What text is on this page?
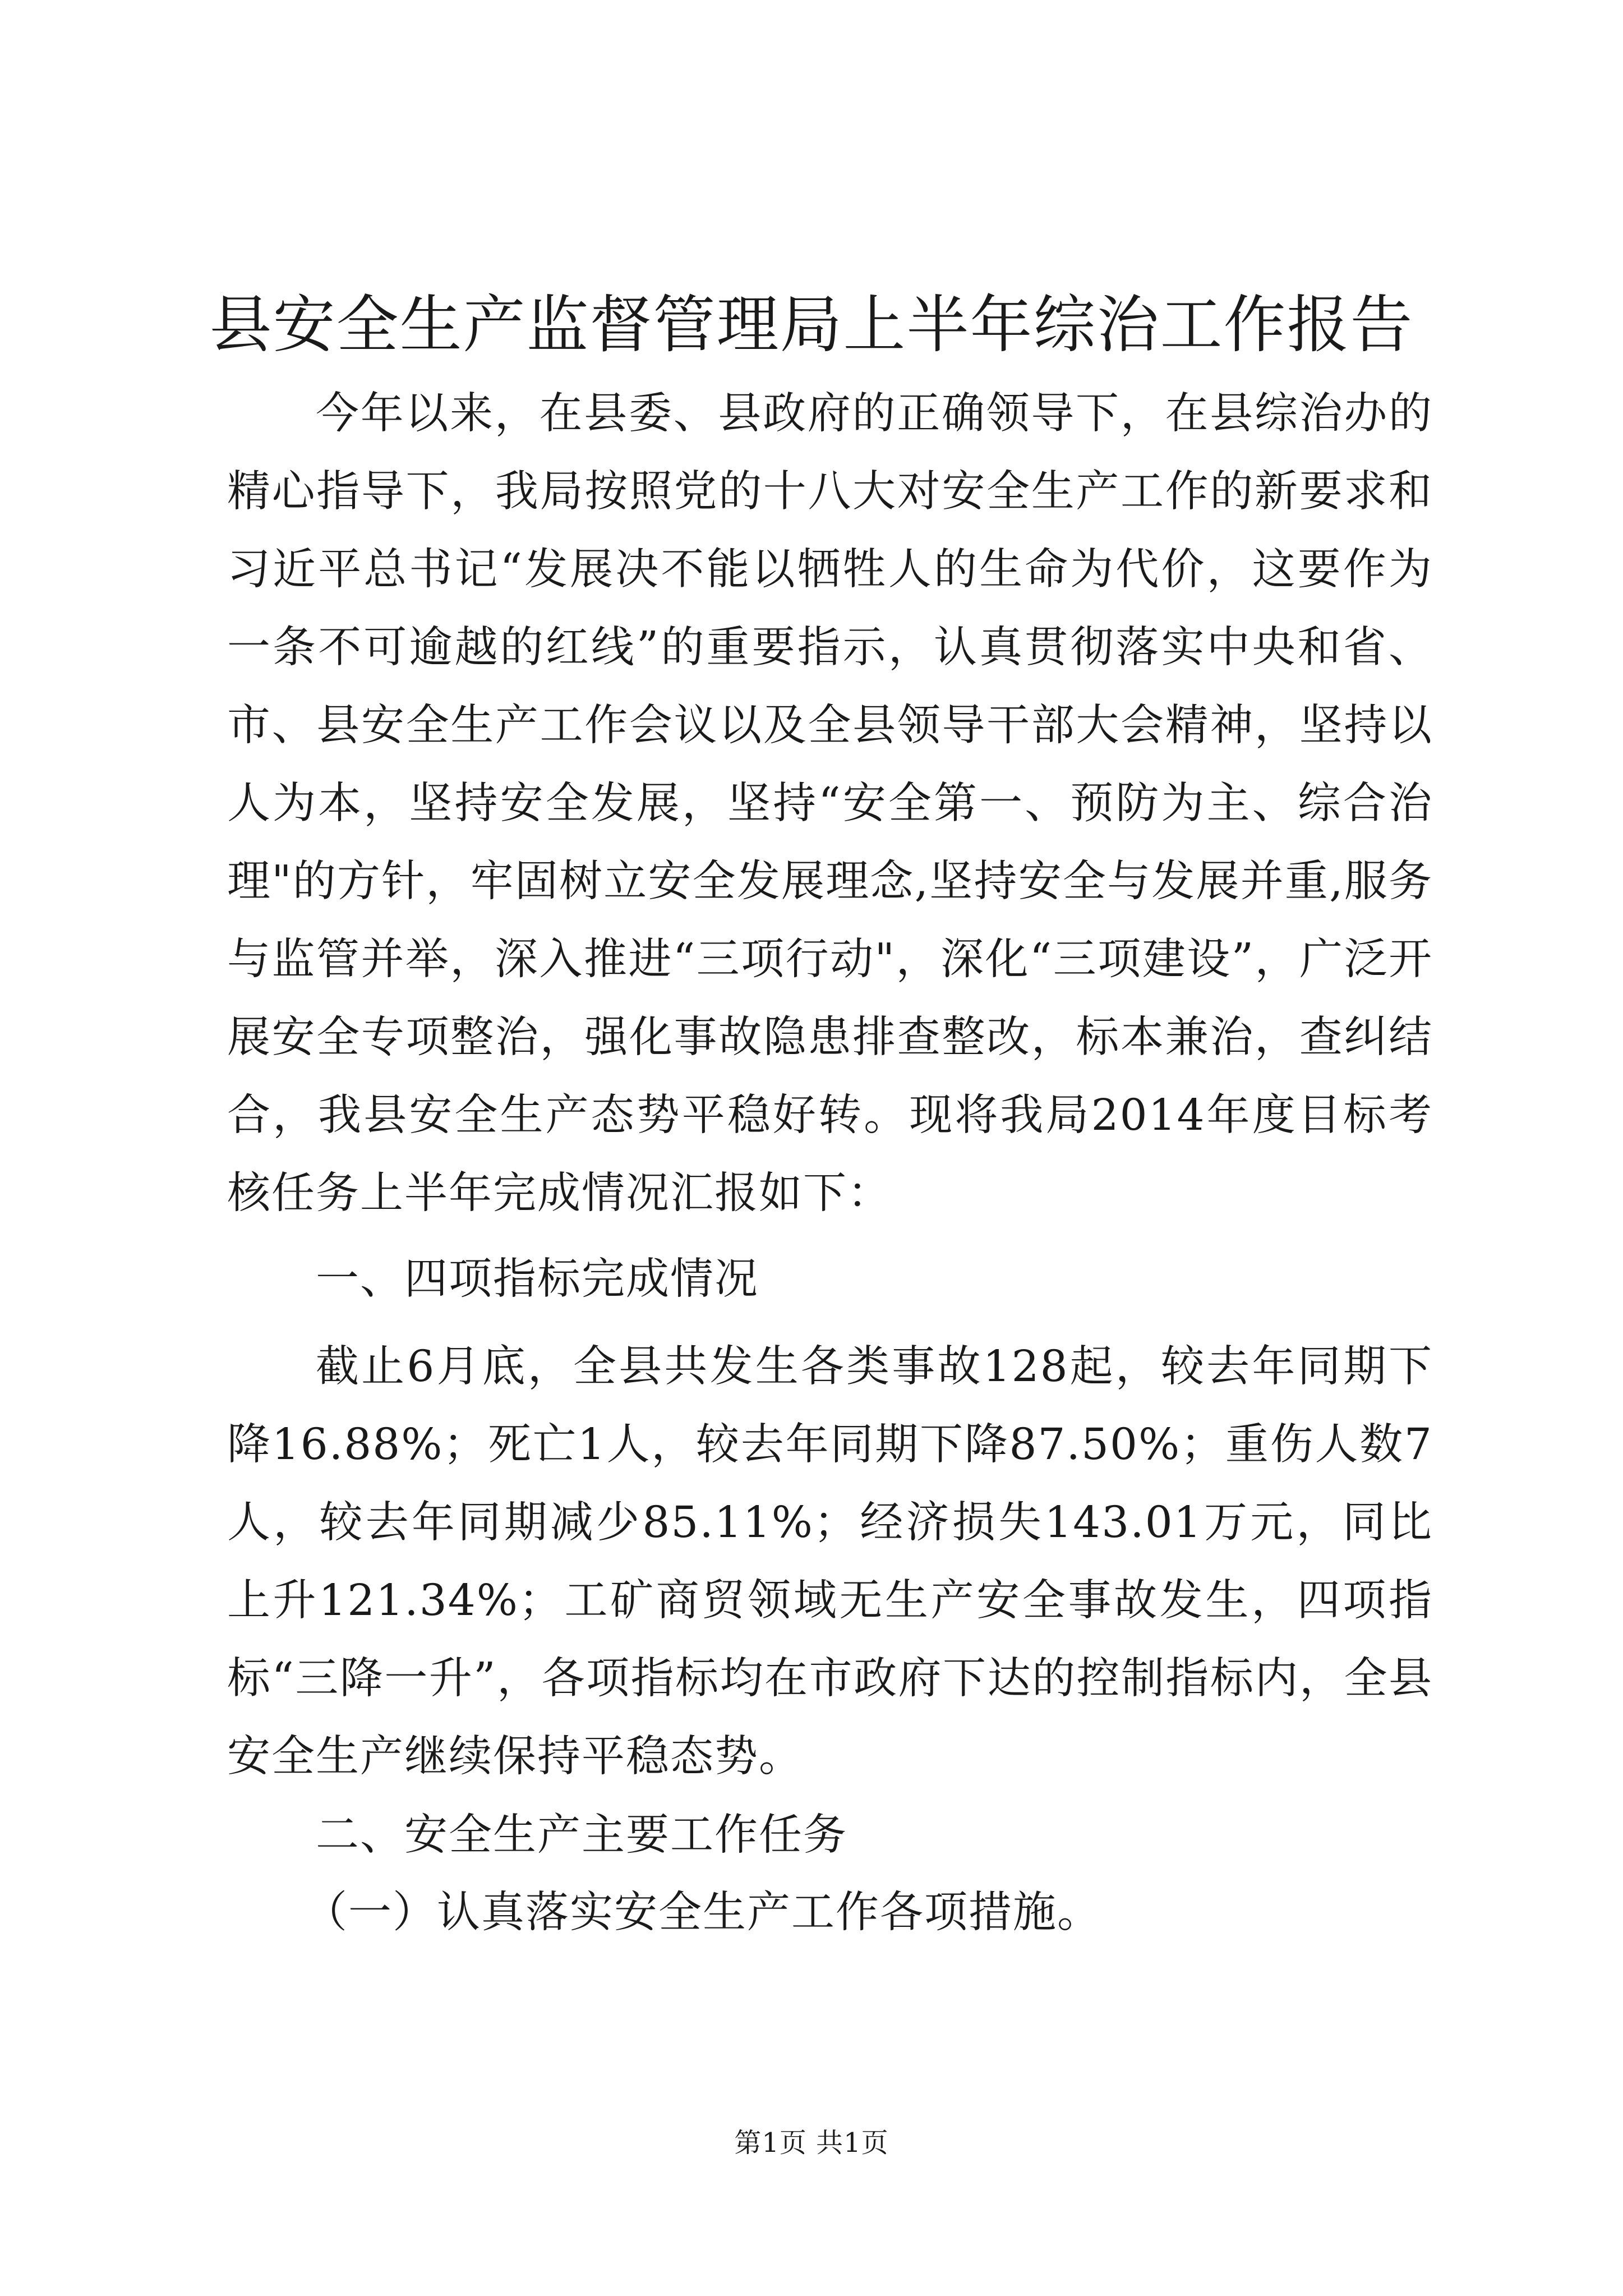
县安全生产监督管理局上半年综治工作报告

今年以来，在县委、县政府的正确领导下，在县综治办的精心指导下，我局按照党的十八大对安全生产工作的新要求和习近平总书记“发展决不能以牺牲人的生命为代价，这要作为一条不可逾越的红线”的重要指示，认真贯彻落实中央和省、市、县安全生产工作会议以及全县领导干部大会精神，坚持以人为本，坚持安全发展，坚持“安全第一、预防为主、综合治理"的方针，牢固树立安全发展理念,坚持安全与发展并重,服务与监管并举，深入推进“三项行动"，深化“三项建设”，广泛开展安全专项整治，强化事故隐患排查整改，标本兼治，查纠结合，我县安全生产态势平稳好转。现将我局2014年度目标考核任务上半年完成情况汇报如下：

一、四项指标完成情况

截止6月底，全县共发生各类事故128起，较去年同期下降16.88%；死亡1人，较去年同期下降87.50%；重伤人数7人，较去年同期减少85.11%；经济损失143.01万元，同比上升121.34%；工矿商贸领域无生产安全事故发生，四项指标“三降一升”，各项指标均在市政府下达的控制指标内，全县安全生产继续保持平稳态势。

二、安全生产主要工作任务

（一）认真落实安全生产工作各项措施。

第1页 共1页
